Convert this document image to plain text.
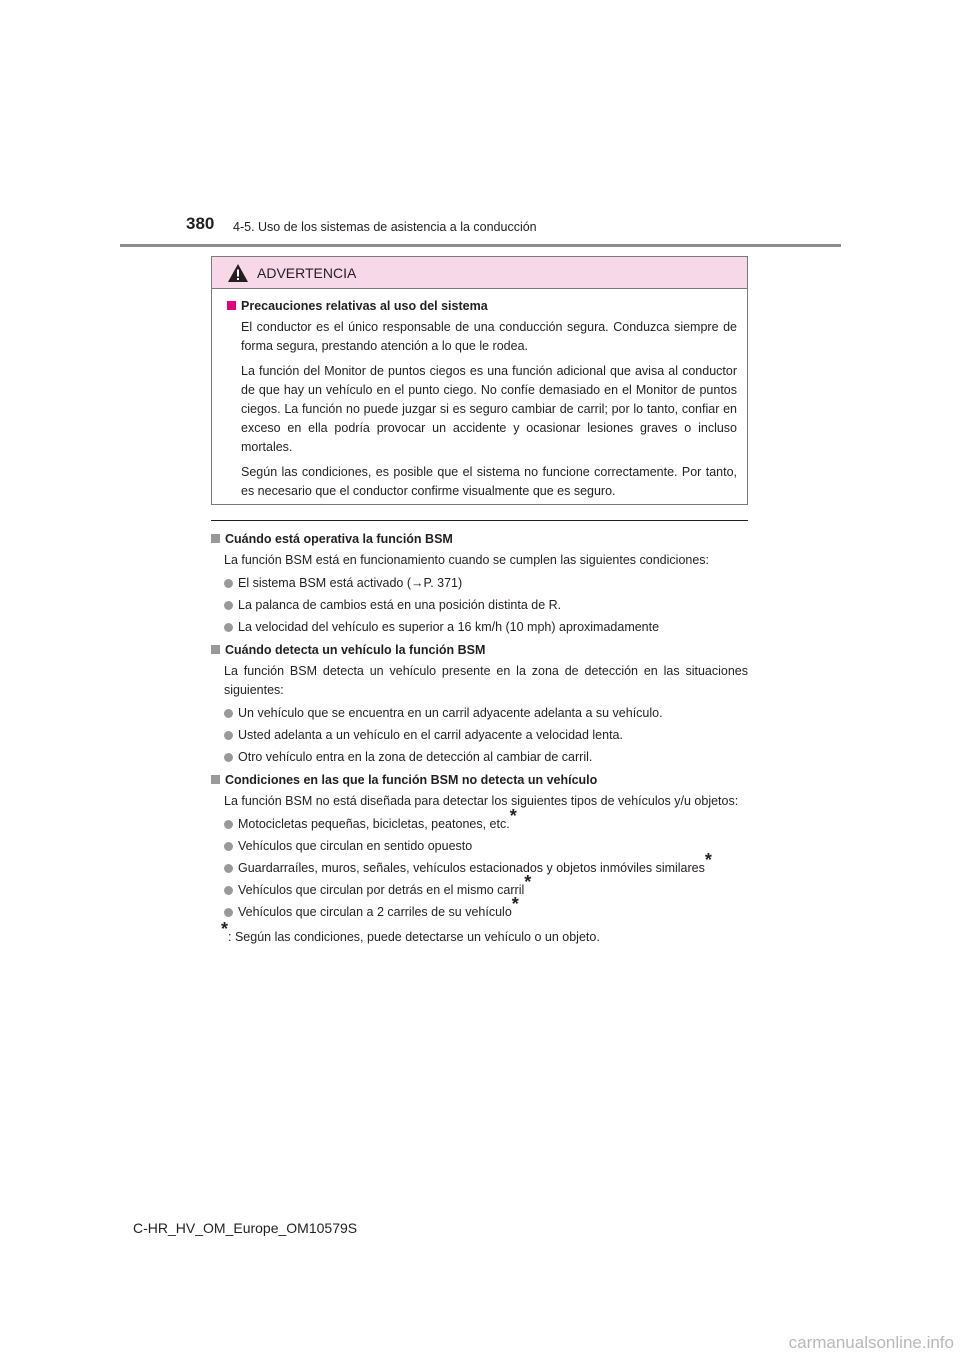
380 4-5. Uso de los sistemas de asistencia a la conducción
ADVERTENCIA
Precauciones relativas al uso del sistema

El conductor es el único responsable de una conducción segura. Conduzca siempre de forma segura, prestando atención a lo que le rodea.

La función del Monitor de puntos ciegos es una función adicional que avisa al conductor de que hay un vehículo en el punto ciego. No confíe demasiado en el Monitor de puntos ciegos. La función no puede juzgar si es seguro cambiar de carril; por lo tanto, confiar en exceso en ella podría provocar un accidente y ocasionar lesiones graves o incluso mortales.

Según las condiciones, es posible que el sistema no funcione correctamente. Por tanto, es necesario que el conductor confirme visualmente que es seguro.

Cuándo está operativa la función BSM

La función BSM está en funcionamiento cuando se cumplen las siguientes condiciones:

El sistema BSM está activado (→P. 371)
La palanca de cambios está en una posición distinta de R.
La velocidad del vehículo es superior a 16 km/h (10 mph) aproximadamente
Cuándo detecta un vehículo la función BSM

La función BSM detecta un vehículo presente en la zona de detección en las situaciones siguientes:

Un vehículo que se encuentra en un carril adyacente adelanta a su vehículo.
Usted adelanta a un vehículo en el carril adyacente a velocidad lenta.
Otro vehículo entra en la zona de detección al cambiar de carril.
Condiciones en las que la función BSM no detecta un vehículo

La función BSM no está diseñada para detectar los siguientes tipos de vehículos y/u objetos:

Motocicletas pequeñas, bicicletas, peatones, etc.*
Vehículos que circulan en sentido opuesto
Guardarraíles, muros, señales, vehículos estacionados y objetos inmóviles similares*
Vehículos que circulan por detrás en el mismo carril*
Vehículos que circulan a 2 carriles de su vehículo*
*: Según las condiciones, puede detectarse un vehículo o un objeto.
C-HR_HV_OM_Europe_OM10579S
carmanualsonline.info
